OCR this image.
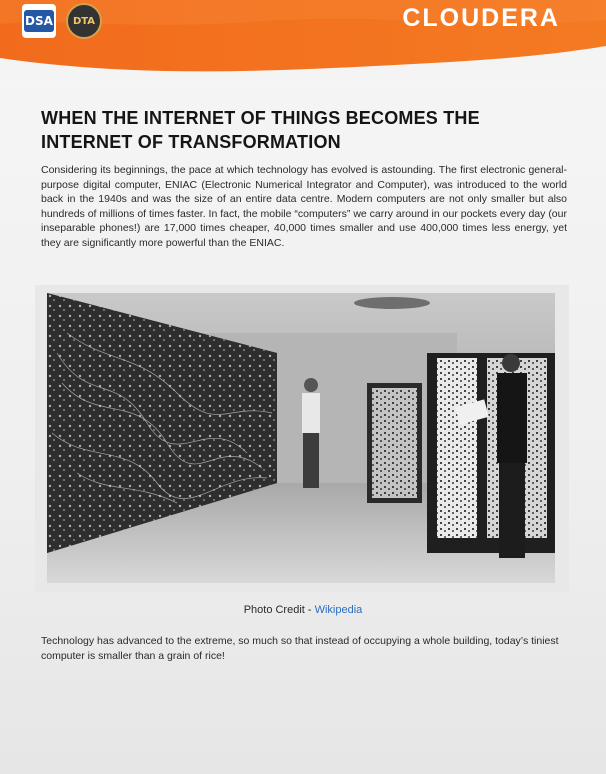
DSA DTA	CLOUDERA
WHEN THE INTERNET OF THINGS BECOMES THE INTERNET OF TRANSFORMATION
Considering its beginnings, the pace at which technology has evolved is astounding. The first electronic general-purpose digital computer, ENIAC (Electronic Numerical Integrator and Computer), was introduced to the world back in the 1940s and was the size of an entire data centre. Modern computers are not only smaller but also hundreds of millions of times faster. In fact, the mobile “computers” we carry around in our pockets every day (our inseparable phones!) are 17,000 times cheaper, 40,000 times smaller and use 400,000 times less energy, yet they are significantly more powerful than the ENIAC.
Photo Credit - Wikipedia
Technology has advanced to the extreme, so much so that instead of occupying a whole building, today’s tiniest computer is smaller than a grain of rice!
